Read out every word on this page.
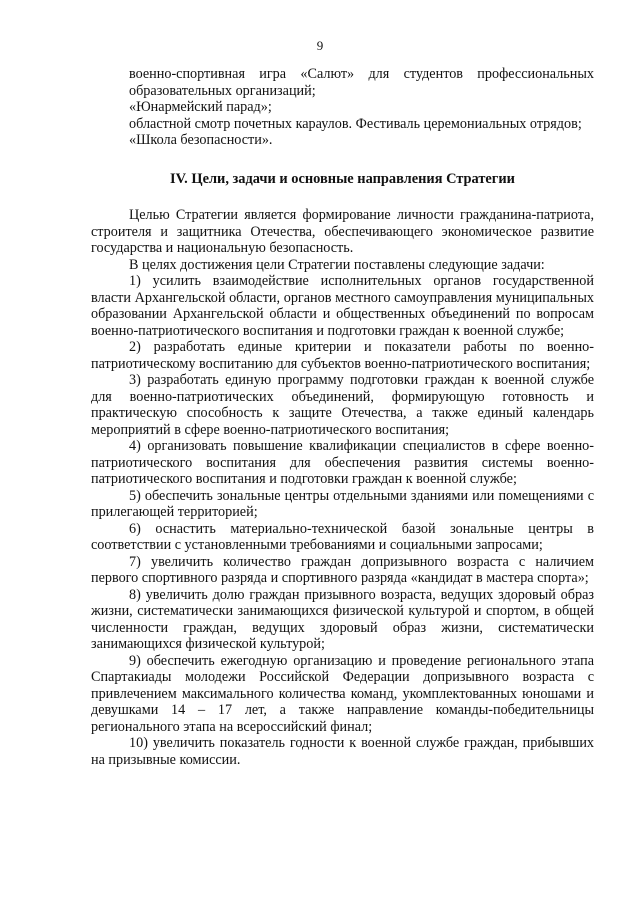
9

военно-спортивная игра «Салют» для студентов профессиональных образовательных организаций;

«Юнармейский парад»;

областной смотр почетных караулов. Фестиваль церемониальных отрядов;

«Школа безопасности».

IV. Цели, задачи и основные направления Стратегии

Целью Стратегии является формирование личности гражданина-патриота, строителя и защитника Отечества, обеспечивающего экономическое развитие государства и национальную безопасность.

В целях достижения цели Стратегии поставлены следующие задачи:

1) усилить взаимодействие исполнительных органов государственной власти Архангельской области, органов местного самоуправления муниципальных образовании Архангельской области и общественных объединений по вопросам военно-патриотического воспитания и подготовки граждан к военной службе;

2) разработать единые критерии и показатели работы по военно-патриотическому воспитанию для субъектов военно-патриотического воспитания;

3) разработать единую программу подготовки граждан к военной службе для военно-патриотических объединений, формирующую готовность и практическую способность к защите Отечества, а также единый календарь мероприятий в сфере военно-патриотического воспитания;

4) организовать повышение квалификации специалистов в сфере военно-патриотического воспитания для обеспечения развития системы военно-патриотического воспитания и подготовки граждан к военной службе;

5) обеспечить зональные центры отдельными зданиями или помещениями с прилегающей территорией;

6) оснастить материально-технической базой зональные центры в соответствии с установленными требованиями и социальными запросами;

7) увеличить количество граждан допризывного возраста с наличием первого спортивного разряда и спортивного разряда «кандидат в мастера спорта»;

8) увеличить долю граждан призывного возраста, ведущих здоровый образ жизни, систематически занимающихся физической культурой и спортом, в общей численности граждан, ведущих здоровый образ жизни, систематически занимающихся физической культурой;

9) обеспечить ежегодную организацию и проведение регионального этапа Спартакиады молодежи Российской Федерации допризывного возраста с привлечением максимального количества команд, укомплектованных юношами и девушками 14 – 17 лет, а также направление команды-победительницы регионального этапа на всероссийский финал;

10) увеличить показатель годности к военной службе граждан, прибывших на призывные комиссии.
